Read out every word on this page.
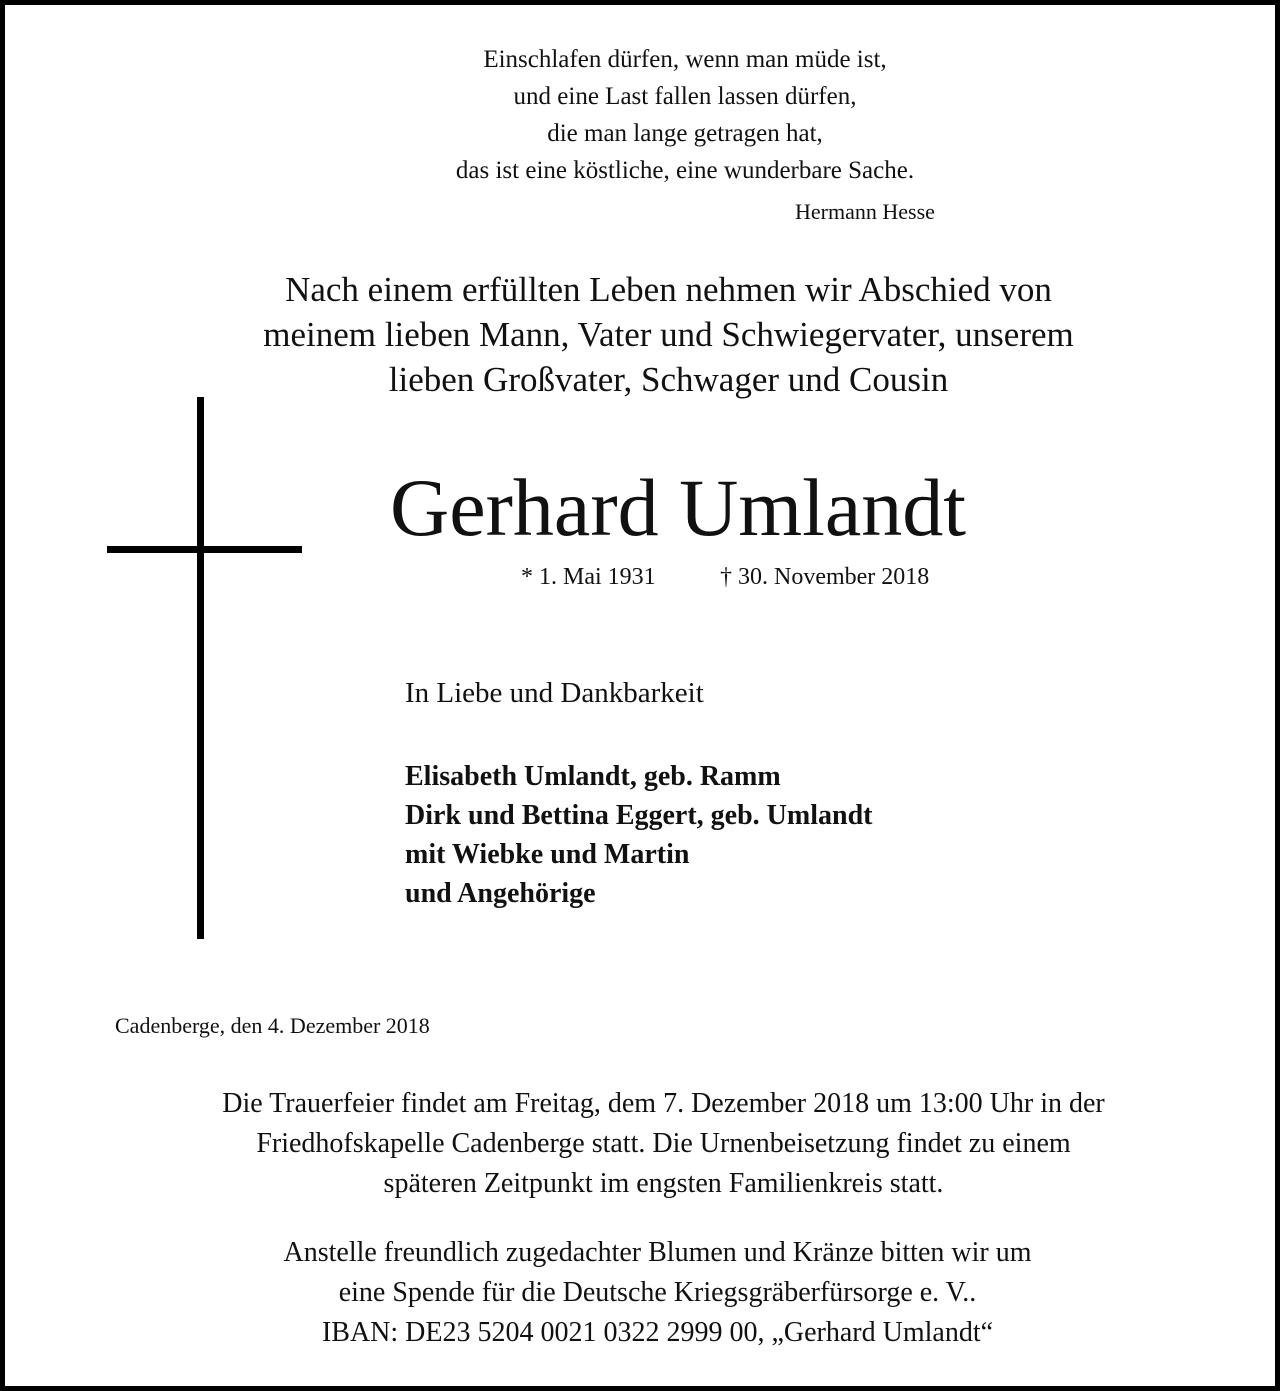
Einschlafen dürfen, wenn man müde ist,
und eine Last fallen lassen dürfen,
die man lange getragen hat,
das ist eine köstliche, eine wunderbare Sache.
Hermann Hesse
Nach einem erfüllten Leben nehmen wir Abschied von
meinem lieben Mann, Vater und Schwiegervater, unserem
lieben Großvater, Schwager und Cousin
Gerhard Umlandt
* 1. Mai 1931	† 30. November 2018
In Liebe und Dankbarkeit
Elisabeth Umlandt, geb. Ramm
Dirk und Bettina Eggert, geb. Umlandt
mit Wiebke und Martin
und Angehörige
Cadenberge, den 4. Dezember 2018
Die Trauerfeier findet am Freitag, dem 7. Dezember 2018 um 13:00 Uhr in der
Friedhofskapelle Cadenberge statt. Die Urnenbeisetzung findet zu einem
späteren Zeitpunkt im engsten Familienkreis statt.
Anstelle freundlich zugedachter Blumen und Kränze bitten wir um
eine Spende für die Deutsche Kriegsgräberfürsorge e. V..
IBAN: DE23 5204 0021 0322 2999 00, „Gerhard Umlandt“
